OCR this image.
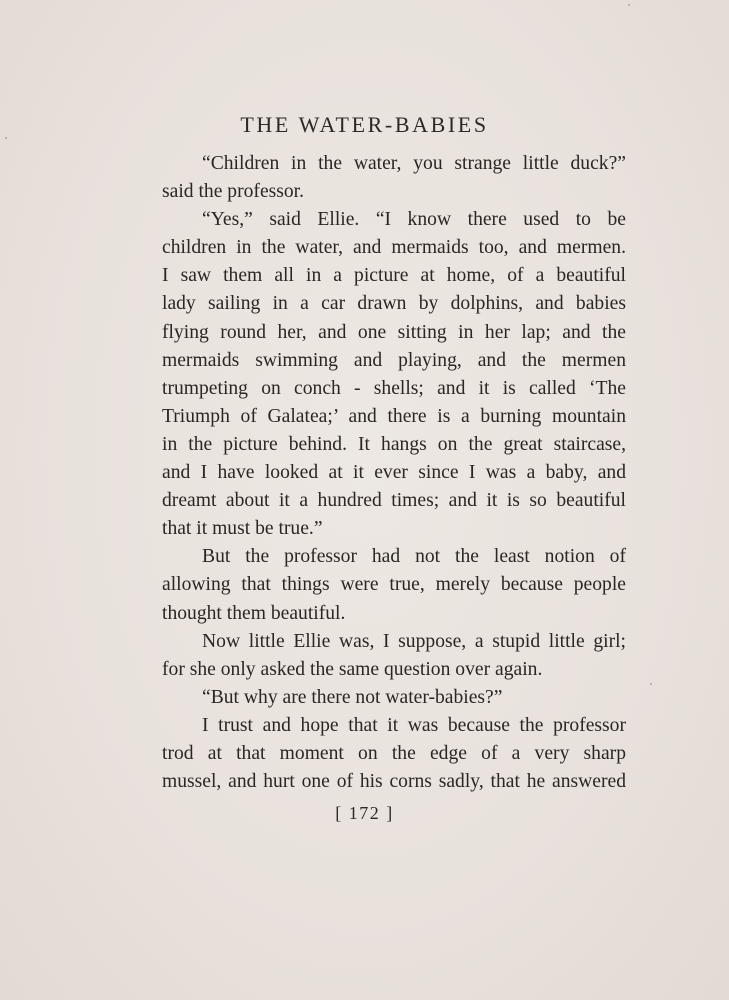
THE WATER-BABIES
“Children in the water, you strange little duck?”
said the professor.
“Yes,” said Ellie. “I know there used to be
children in the water, and mermaids too, and mermen.
I saw them all in a picture at home, of a beautiful
lady sailing in a car drawn by dolphins, and babies
flying round her, and one sitting in her lap; and the
mermaids swimming and playing, and the mermen
trumpeting on conch - shells; and it is called ‘The
Triumph of Galatea;’ and there is a burning mountain
in the picture behind. It hangs on the great staircase,
and I have looked at it ever since I was a baby, and
dreamt about it a hundred times; and it is so beautiful
that it must be true.”
But the professor had not the least notion of
allowing that things were true, merely because people
thought them beautiful.
Now little Ellie was, I suppose, a stupid little girl;
for she only asked the same question over again.
“But why are there not water-babies?”
I trust and hope that it was because the professor
trod at that moment on the edge of a very sharp
mussel, and hurt one of his corns sadly, that he answered
[ 172 ]
